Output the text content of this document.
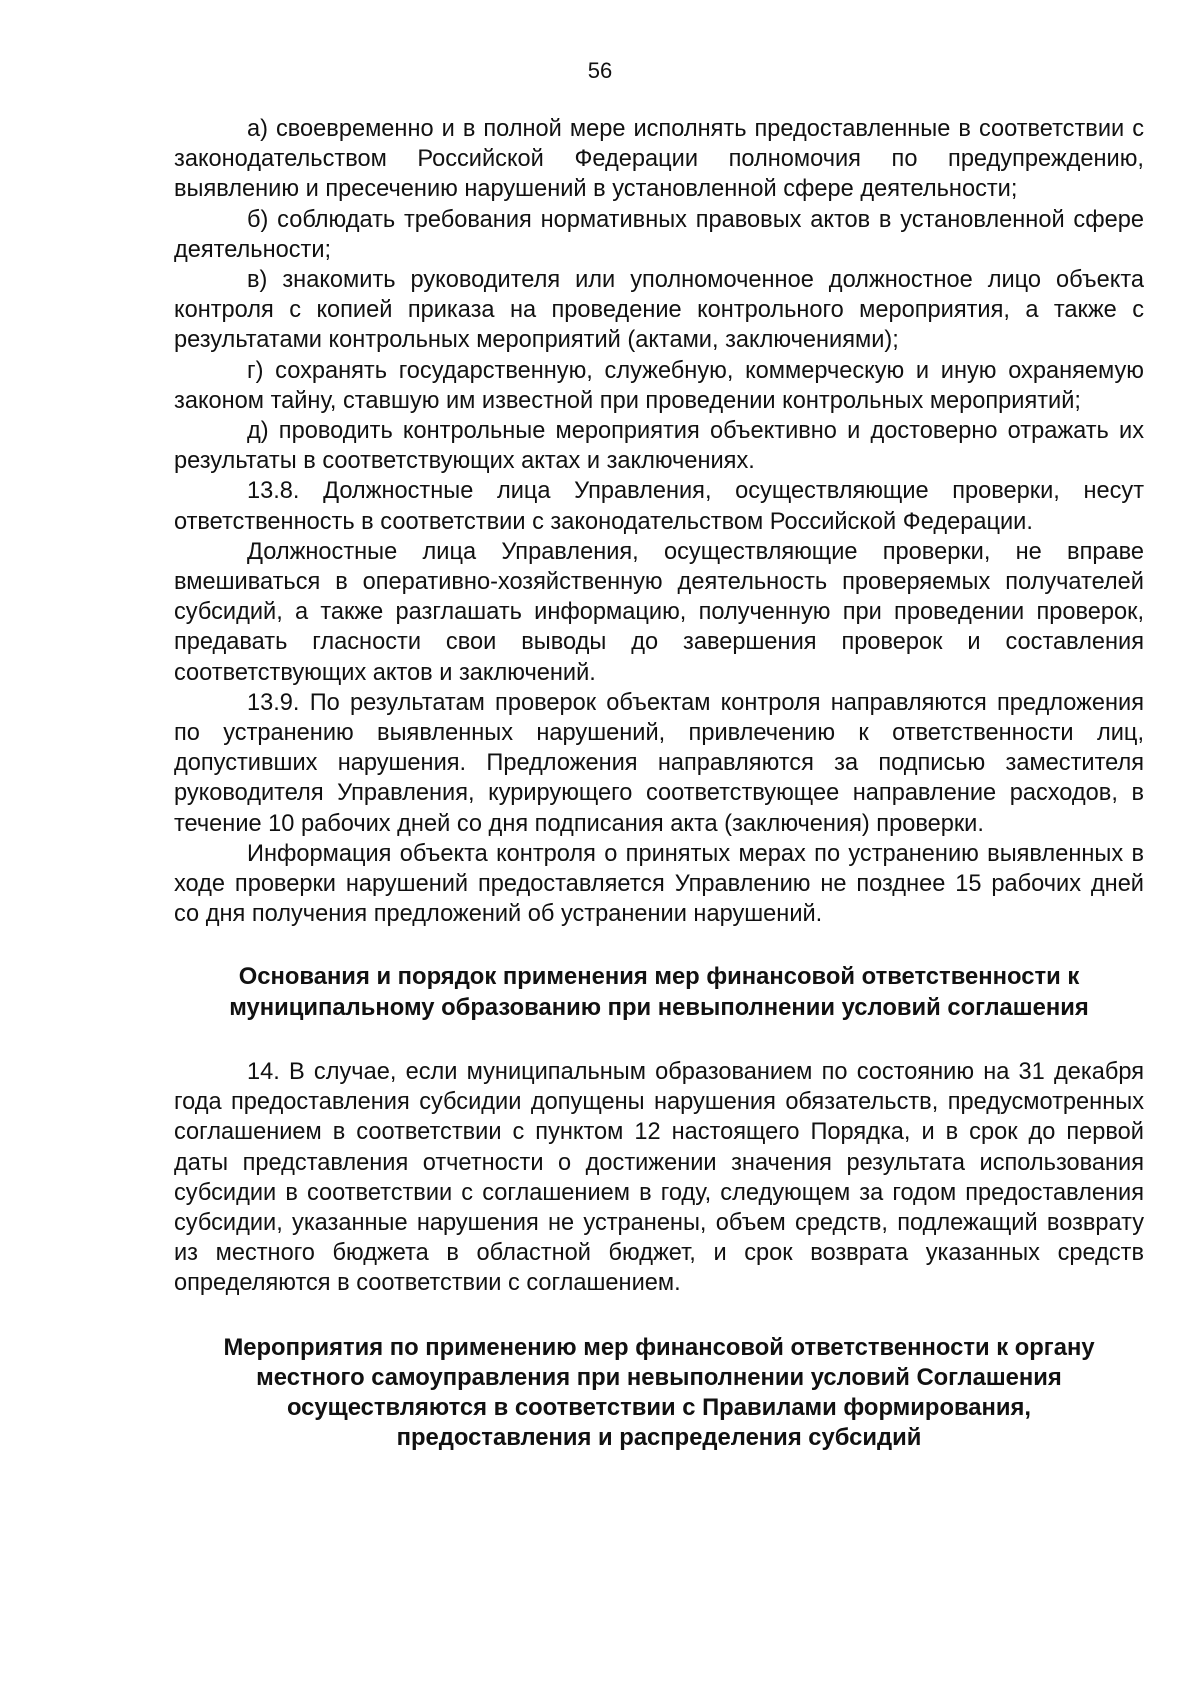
56

а) своевременно и в полной мере исполнять предоставленные в соответствии с законодательством Российской Федерации полномочия по предупреждению, выявлению и пресечению нарушений в установленной сфере деятельности;

б) соблюдать требования нормативных правовых актов в установленной сфере деятельности;

в) знакомить руководителя или уполномоченное должностное лицо объекта контроля с копией приказа на проведение контрольного мероприятия, а также с результатами контрольных мероприятий (актами, заключениями);

г) сохранять государственную, служебную, коммерческую и иную охраняемую законом тайну, ставшую им известной при проведении контрольных мероприятий;

д) проводить контрольные мероприятия объективно и достоверно отражать их результаты в соответствующих актах и заключениях.

13.8. Должностные лица Управления, осуществляющие проверки, несут ответственность в соответствии с законодательством Российской Федерации.

Должностные лица Управления, осуществляющие проверки, не вправе вмешиваться в оперативно-хозяйственную деятельность проверяемых получателей субсидий, а также разглашать информацию, полученную при проведении проверок, предавать гласности свои выводы до завершения проверок и составления соответствующих актов и заключений.

13.9. По результатам проверок объектам контроля направляются предложения по устранению выявленных нарушений, привлечению к ответственности лиц, допустивших нарушения. Предложения направляются за подписью заместителя руководителя Управления, курирующего соответствующее направление расходов, в течение 10 рабочих дней со дня подписания акта (заключения) проверки.

Информация объекта контроля о принятых мерах по устранению выявленных в ходе проверки нарушений предоставляется Управлению не позднее 15 рабочих дней со дня получения предложений об устранении нарушений.

Основания и порядок применения мер финансовой ответственности к
муниципальному образованию при невыполнении условий соглашения

14. В случае, если муниципальным образованием по состоянию на 31 декабря года предоставления субсидии допущены нарушения обязательств, предусмотренных соглашением в соответствии с пунктом 12 настоящего Порядка, и в срок до первой даты представления отчетности о достижении значения результата использования субсидии в соответствии с соглашением в году, следующем за годом предоставления субсидии, указанные нарушения не устранены, объем средств, подлежащий возврату из местного бюджета в областной бюджет, и срок возврата указанных средств определяются в соответствии с соглашением.

Мероприятия по применению мер финансовой ответственности к органу
местного самоуправления при невыполнении условий Соглашения
осуществляются в соответствии с Правилами формирования,
предоставления и распределения субсидий
